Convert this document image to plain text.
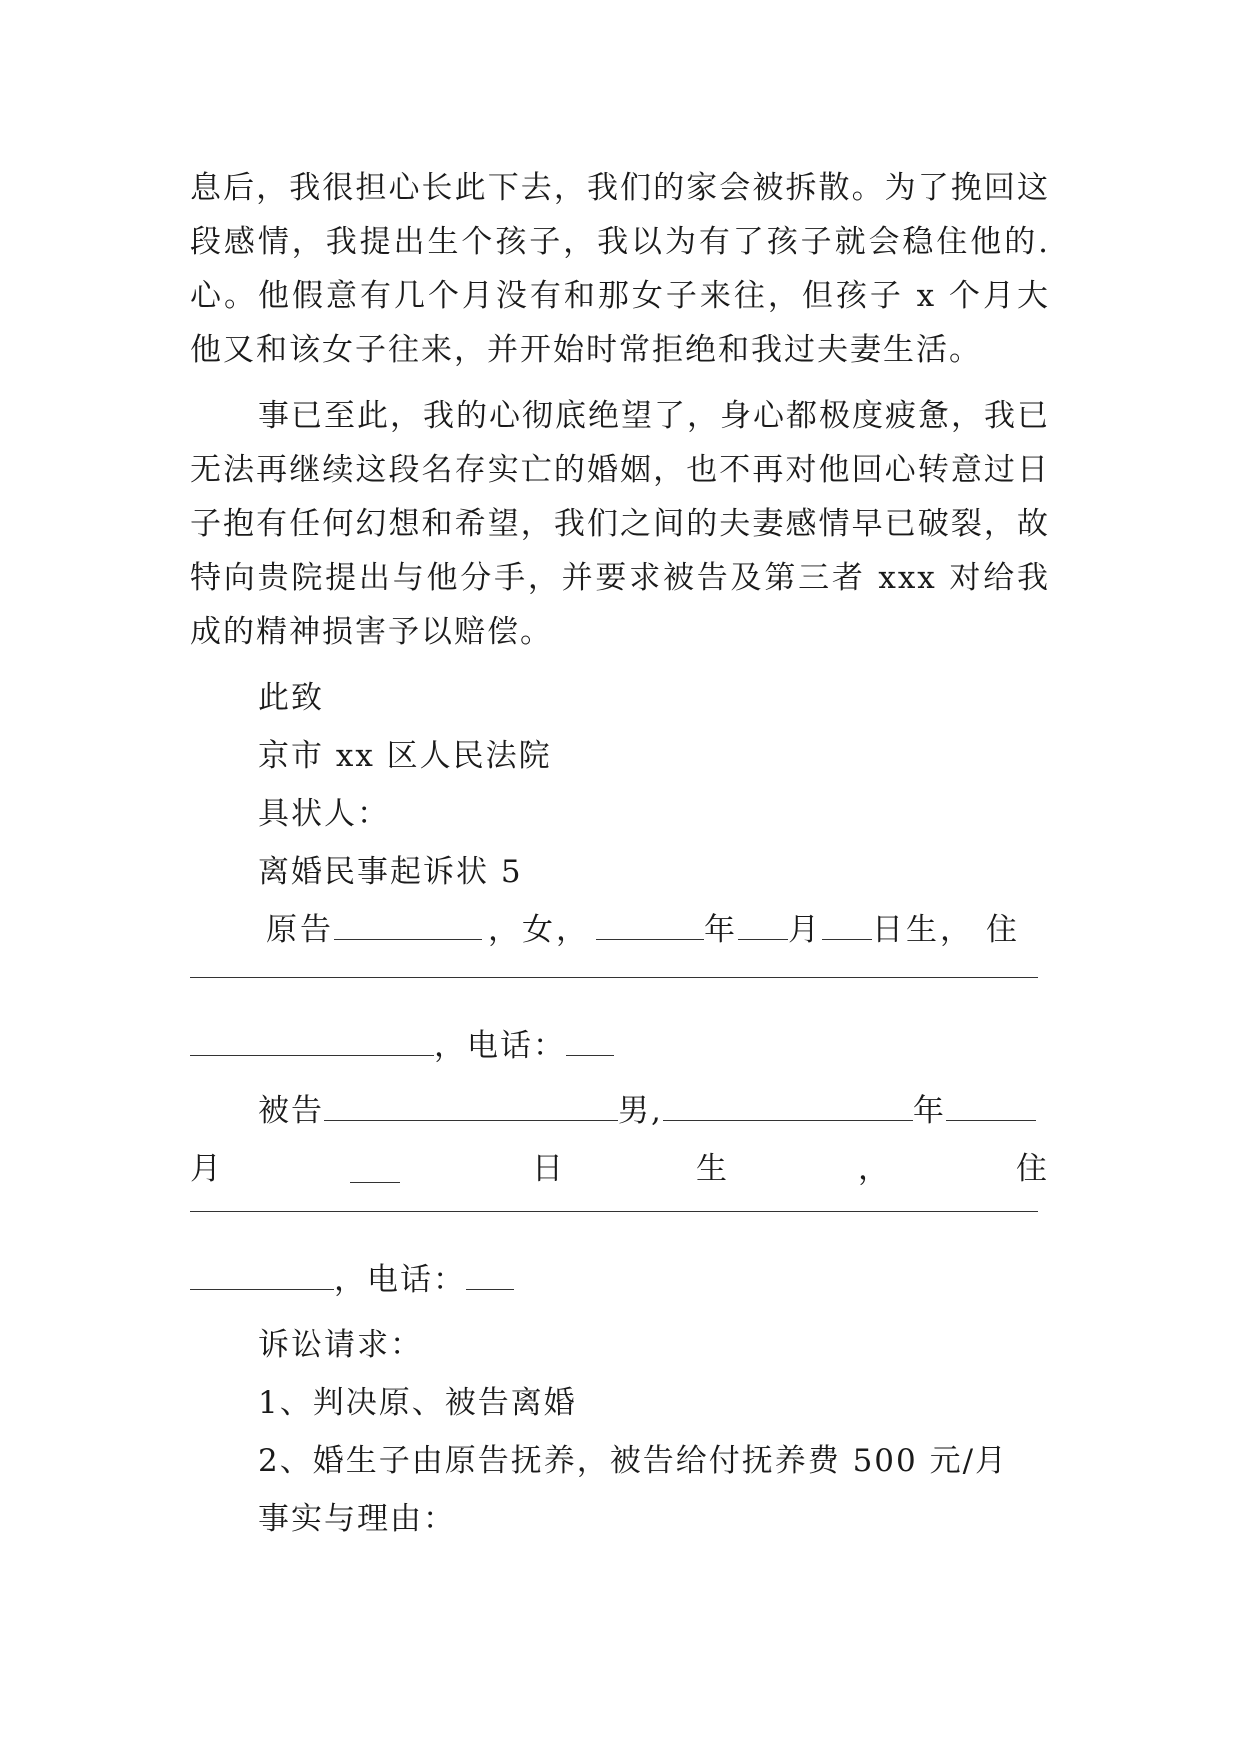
息后，我很担心长此下去，我们的家会被拆散。为了挽回这
段感情，我提出生个孩子，我以为有了孩子就会稳住他的.
心。他假意有几个月没有和那女子来往，但孩子 x 个月大
他又和该女子往来，并开始时常拒绝和我过夫妻生活。
事已至此，我的心彻底绝望了，身心都极度疲惫，我已
无法再继续这段名存实亡的婚姻，也不再对他回心转意过日
子抱有任何幻想和希望，我们之间的夫妻感情早已破裂，故
特向贵院提出与他分手，并要求被告及第三者 xxx 对给我
成的精神损害予以赔偿。
此致
京市 xx 区人民法院
具状人：
离婚民事起诉状 5
原告	，女，	年 月 日生， 住
，电话：
被告	男,	年
月	日	生	，	住
，电话：
诉讼请求：
1、判决原、被告离婚
2、婚生子由原告抚养，被告给付抚养费 500 元/月
事实与理由：
